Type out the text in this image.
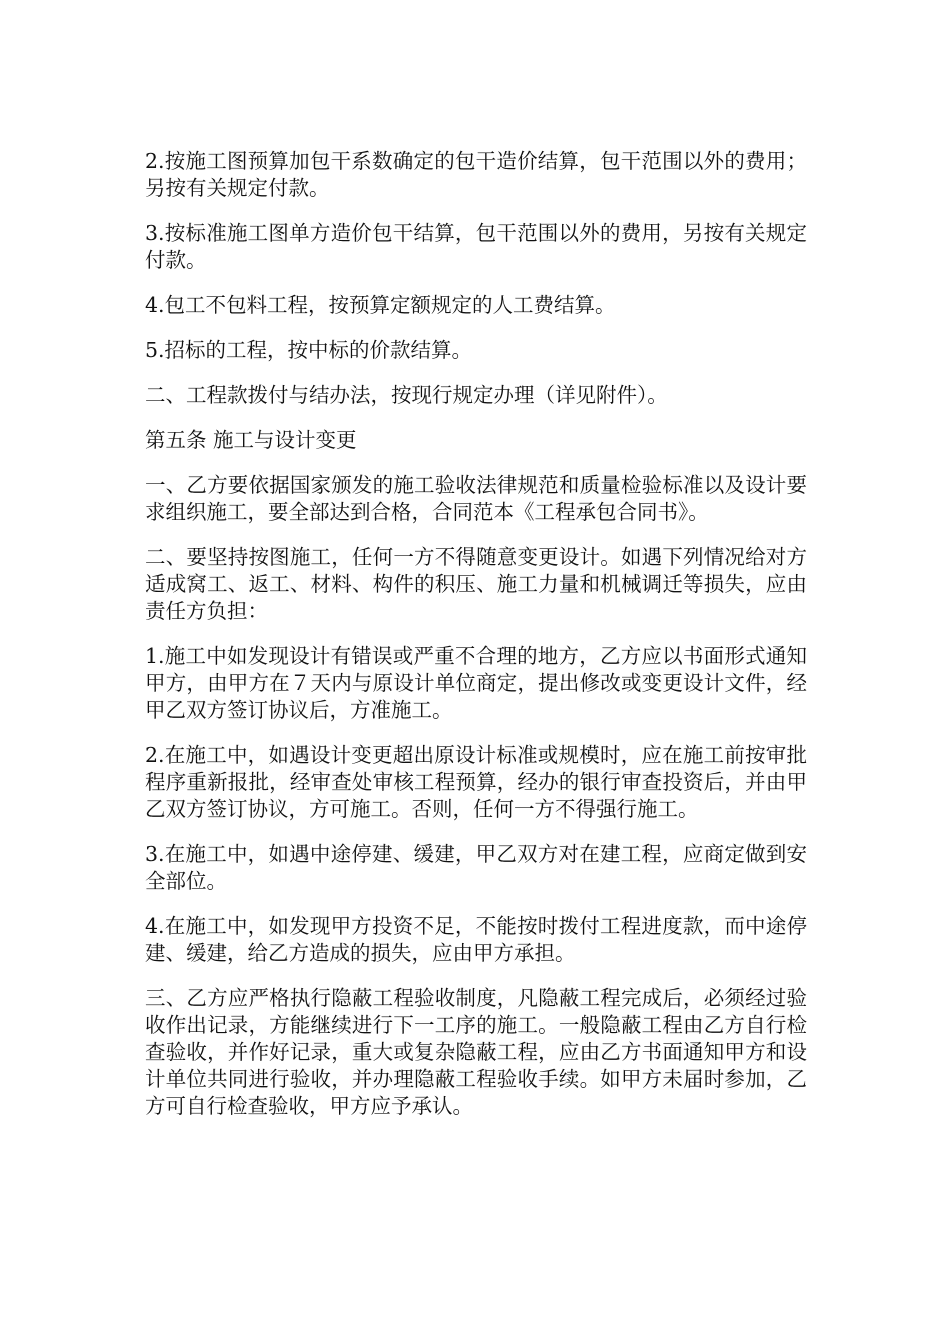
2.按施工图预算加包干系数确定的包干造价结算，包干范围以外的费用；另按有关规定付款。

3.按标准施工图单方造价包干结算，包干范围以外的费用，另按有关规定付款。

4.包工不包料工程，按预算定额规定的人工费结算。

5.招标的工程，按中标的价款结算。

二、工程款拨付与结办法，按现行规定办理（详见附件）。

第五条 施工与设计变更

一、乙方要依据国家颁发的施工验收法律规范和质量检验标准以及设计要求组织施工，要全部达到合格，合同范本《工程承包合同书》。

二、要坚持按图施工，任何一方不得随意变更设计。如遇下列情况给对方适成窝工、返工、材料、构件的积压、施工力量和机械调迁等损失，应由责任方负担：

1.施工中如发现设计有错误或严重不合理的地方，乙方应以书面形式通知甲方，由甲方在７天内与原设计单位商定，提出修改或变更设计文件，经甲乙双方签订协议后，方准施工。

2.在施工中，如遇设计变更超出原设计标准或规模时，应在施工前按审批程序重新报批，经审查处审核工程预算，经办的银行审查投资后，并由甲乙双方签订协议，方可施工。否则，任何一方不得强行施工。

3.在施工中，如遇中途停建、缓建，甲乙双方对在建工程，应商定做到安全部位。

4.在施工中，如发现甲方投资不足，不能按时拨付工程进度款，而中途停建、缓建，给乙方造成的损失，应由甲方承担。

三、乙方应严格执行隐蔽工程验收制度，凡隐蔽工程完成后，必须经过验收作出记录，方能继续进行下一工序的施工。一般隐蔽工程由乙方自行检查验收，并作好记录，重大或复杂隐蔽工程，应由乙方书面通知甲方和设计单位共同进行验收，并办理隐蔽工程验收手续。如甲方未届时参加，乙方可自行检查验收，甲方应予承认。
